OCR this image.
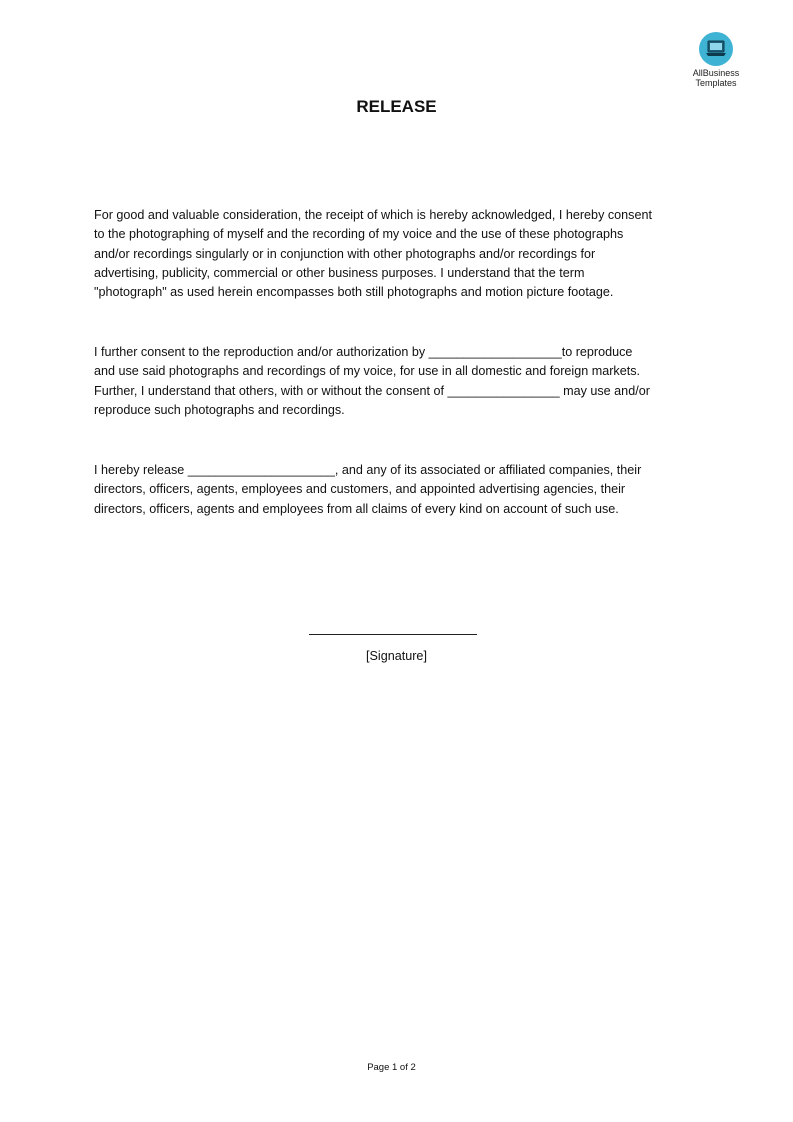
AllBusiness
Templates
RELEASE
For good and valuable consideration, the receipt of which is hereby acknowledged, I hereby consent
to the photographing of myself and the recording of my voice and the use of these photographs
and/or recordings singularly or in conjunction with other photographs and/or recordings for
advertising, publicity, commercial or other business purposes. I understand that the term
"photograph" as used herein encompasses both still photographs and motion picture footage.
I further consent to the reproduction and/or authorization by ___________________to reproduce
and use said photographs and recordings of my voice, for use in all domestic and foreign markets.
Further, I understand that others, with or without the consent of ________________ may use and/or
reproduce such photographs and recordings.
I hereby release _____________________, and any of its associated or affiliated companies, their
directors, officers, agents, employees and customers, and appointed advertising agencies, their
directors, officers, agents and employees from all claims of every kind on account of such use.
[Signature]
Page 1 of 2
